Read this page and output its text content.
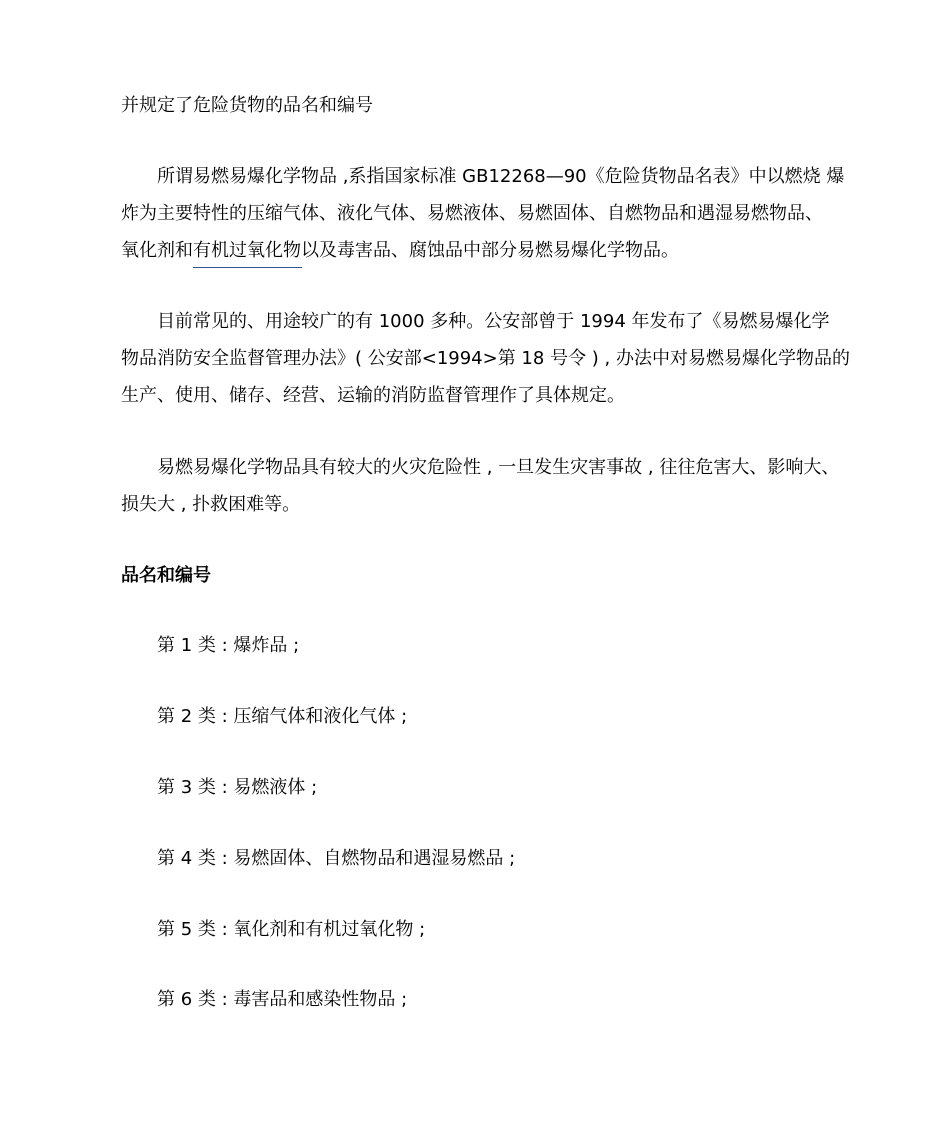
并规定了危险货物的品名和编号
所谓易燃易爆化学物品 ,系指国家标准 GB12268—90《危险货物品名表》中以燃烧 爆
炸为主要特性的压缩气体、液化气体、易燃液体、易燃固体、自燃物品和遇湿易燃物品、
氧化剂和有机过氧化物以及毒害品、腐蚀品中部分易燃易爆化学物品。
目前常见的、用途较广的有 1000 多种。公安部曾于 1994 年发布了《易燃易爆化学
物品消防安全监督管理办法》( 公安部<1994>第 18 号令 ) , 办法中对易燃易爆化学物品的
生产、使用、储存、经营、运输的消防监督管理作了具体规定。
易燃易爆化学物品具有较大的火灾危险性 , 一旦发生灾害事故 , 往往危害大、影响大、
损失大 , 扑救困难等。
品名和编号
第 1 类 : 爆炸品 ;
第 2 类 : 压缩气体和液化气体 ;
第 3 类 : 易燃液体 ;
第 4 类 : 易燃固体、自燃物品和遇湿易燃品 ;
第 5 类 : 氧化剂和有机过氧化物 ;
第 6 类 : 毒害品和感染性物品 ;
